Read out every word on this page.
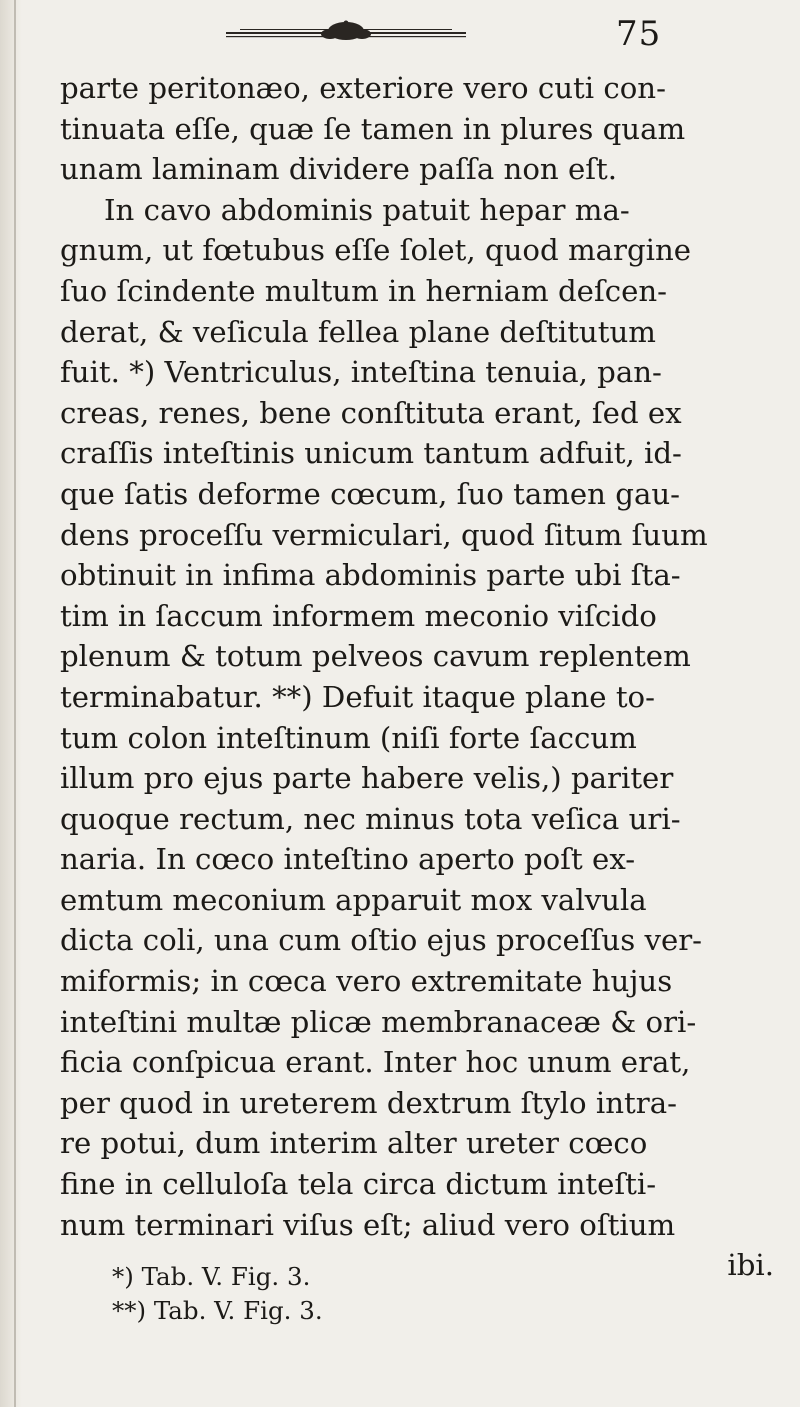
75
parte peritonæo, exteriore vero cuti con-
tinuata eſſe, quæ ſe tamen in plures quam
unam laminam dividere paſſa non eſt.
In cavo abdominis patuit hepar ma-
gnum, ut fœtubus eſſe ſolet, quod margine
ſuo ſcindente multum in herniam deſcen-
derat, & veſicula fellea plane deſtitutum
fuit. *) Ventriculus, inteſtina tenuia, pan-
creas, renes, bene conſtituta erant, ſed ex
craſſis inteſtinis unicum tantum adfuit, id-
que ſatis deforme cœcum, ſuo tamen gau-
dens proceſſu vermiculari, quod ſitum ſuum
obtinuit in infima abdominis parte ubi ſta-
tim in ſaccum informem meconio viſcido
plenum & totum pelveos cavum replentem
terminabatur. **) Defuit itaque plane to-
tum colon inteſtinum (niſi forte ſaccum
illum pro ejus parte habere velis,) pariter
quoque rectum, nec minus tota veſica uri-
naria. In cœco inteſtino aperto poſt ex-
emtum meconium apparuit mox valvula
dicta coli, una cum oſtio ejus proceſſus ver-
miformis; in cœca vero extremitate hujus
inteſtini multæ plicæ membranaceæ & ori-
ficia conſpicua erant. Inter hoc unum erat,
per quod in ureterem dextrum ſtylo intra-
re potui, dum interim alter ureter cœco
fine in celluloſa tela circa dictum inteſti-
num terminari viſus eſt; aliud vero oſtium
ibi.
*) Tab. V. Fig. 3.
**) Tab. V. Fig. 3.
